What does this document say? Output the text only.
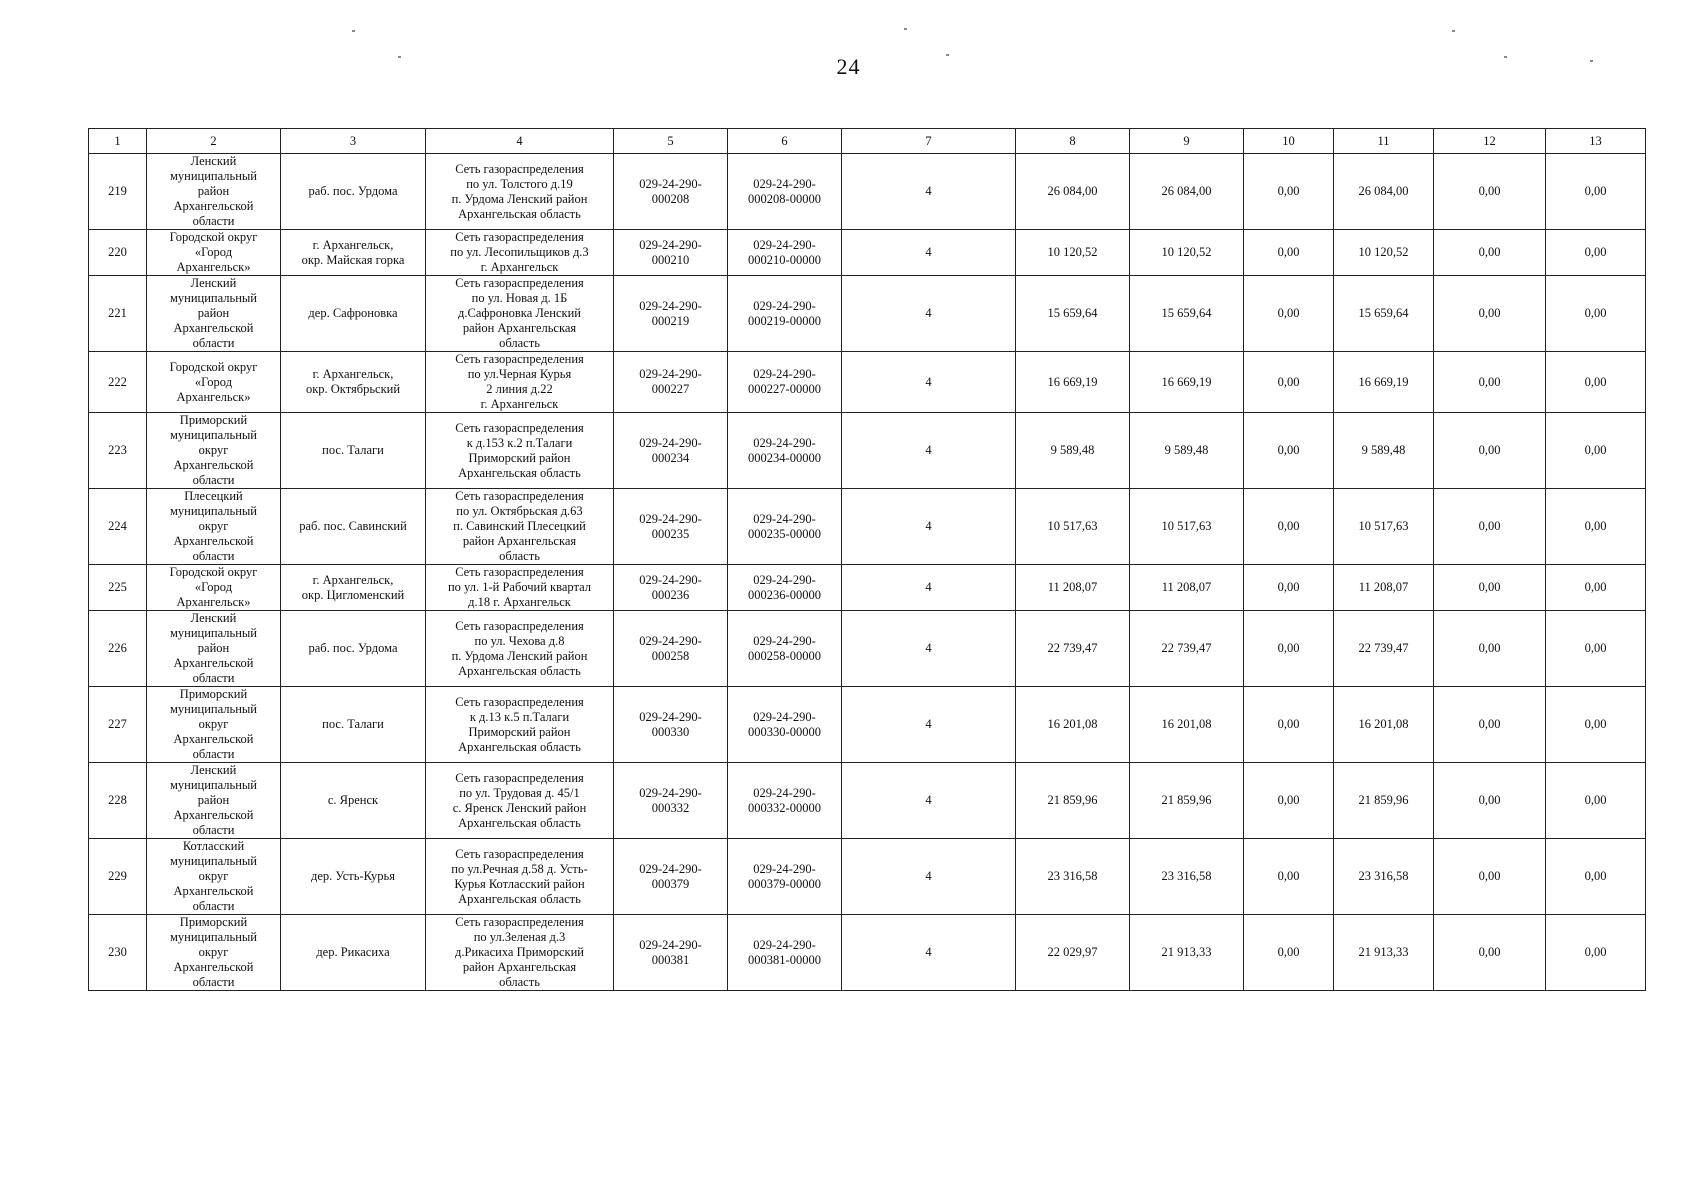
24
1	2	3	4	5	6	7	8	9	10	11	12	13
219	Ленский
муниципальный
район
Архангельской
области	раб. пос. Урдома	Сеть газораспределения
по ул. Толстого д.19
п. Урдома Ленский район
Архангельская область	029-24-290-
000208	029-24-290-
000208-00000	4	26 084,00	26 084,00	0,00	26 084,00	0,00	0,00
220	Городской округ
«Город
Архангельск»	г. Архангельск,
окр. Майская горка	Сеть газораспределения
по ул. Лесопильщиков д.3
г. Архангельск	029-24-290-
000210	029-24-290-
000210-00000	4	10 120,52	10 120,52	0,00	10 120,52	0,00	0,00
221	Ленский
муниципальный
район
Архангельской
области	дер. Сафроновка	Сеть газораспределения
по ул. Новая д. 1Б
д.Сафроновка Ленский
район Архангельская
область	029-24-290-
000219	029-24-290-
000219-00000	4	15 659,64	15 659,64	0,00	15 659,64	0,00	0,00
222	Городской округ
«Город
Архангельск»	г. Архангельск,
окр. Октябрьский	Сеть газораспределения
по ул.Черная Курья
2 линия д.22
г. Архангельск	029-24-290-
000227	029-24-290-
000227-00000	4	16 669,19	16 669,19	0,00	16 669,19	0,00	0,00
223	Приморский
муниципальный
округ
Архангельской
области	пос. Талаги	Сеть газораспределения
к д.153 к.2 п.Талаги
Приморский район
Архангельская область	029-24-290-
000234	029-24-290-
000234-00000	4	9 589,48	9 589,48	0,00	9 589,48	0,00	0,00
224	Плесецкий
муниципальный
округ
Архангельской
области	раб. пос. Савинский	Сеть газораспределения
по ул. Октябрьская д.63
п. Савинский Плесецкий
район Архангельская
область	029-24-290-
000235	029-24-290-
000235-00000	4	10 517,63	10 517,63	0,00	10 517,63	0,00	0,00
225	Городской округ
«Город
Архангельск»	г. Архангельск,
окр. Цигломенский	Сеть газораспределения
по ул. 1-й Рабочий квартал
д.18 г. Архангельск	029-24-290-
000236	029-24-290-
000236-00000	4	11 208,07	11 208,07	0,00	11 208,07	0,00	0,00
226	Ленский
муниципальный
район
Архангельской
области	раб. пос. Урдома	Сеть газораспределения
по ул. Чехова д.8
п. Урдома Ленский район
Архангельская область	029-24-290-
000258	029-24-290-
000258-00000	4	22 739,47	22 739,47	0,00	22 739,47	0,00	0,00
227	Приморский
муниципальный
округ
Архангельской
области	пос. Талаги	Сеть газораспределения
к д.13 к.5 п.Талаги
Приморский район
Архангельская область	029-24-290-
000330	029-24-290-
000330-00000	4	16 201,08	16 201,08	0,00	16 201,08	0,00	0,00
228	Ленский
муниципальный
район
Архангельской
области	с. Яренск	Сеть газораспределения
по ул. Трудовая д. 45/1
с. Яренск Ленский район
Архангельская область	029-24-290-
000332	029-24-290-
000332-00000	4	21 859,96	21 859,96	0,00	21 859,96	0,00	0,00
229	Котласский
муниципальный
округ
Архангельской
области	дер. Усть-Курья	Сеть газораспределения
по ул.Речная д.58 д. Усть-
Курья Котласский район
Архангельская область	029-24-290-
000379	029-24-290-
000379-00000	4	23 316,58	23 316,58	0,00	23 316,58	0,00	0,00
230	Приморский
муниципальный
округ
Архангельской
области	дер. Рикасиха	Сеть газораспределения
по ул.Зеленая д.3
д.Рикасиха Приморский
район Архангельская
область	029-24-290-
000381	029-24-290-
000381-00000	4	22 029,97	21 913,33	0,00	21 913,33	0,00	0,00
